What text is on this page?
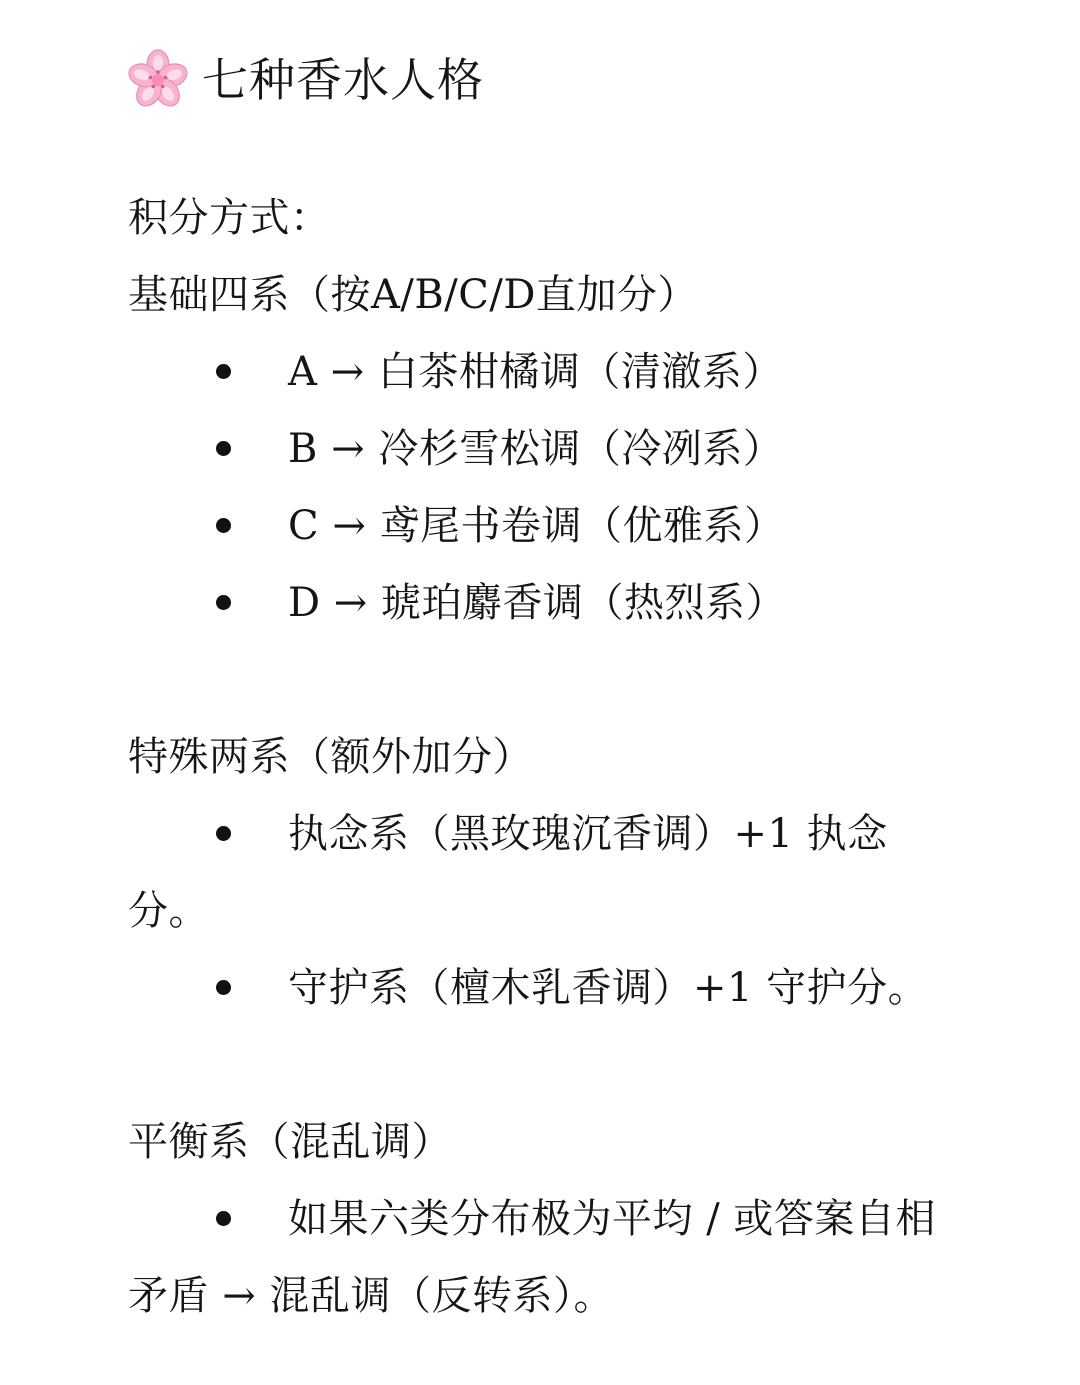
七种香水人格
积分方式：
基础四系（按A/B/C/D直加分）
A → 白茶柑橘调（清澈系）
B → 冷杉雪松调（冷冽系）
C → 鸢尾书卷调（优雅系）
D → 琥珀麝香调（热烈系）
特殊两系（额外加分）
执念系（黑玫瑰沉香调）+1 执念
分。
守护系（檀木乳香调）+1 守护分。
平衡系（混乱调）
如果六类分布极为平均 / 或答案自相
矛盾 → 混乱调（反转系）。
